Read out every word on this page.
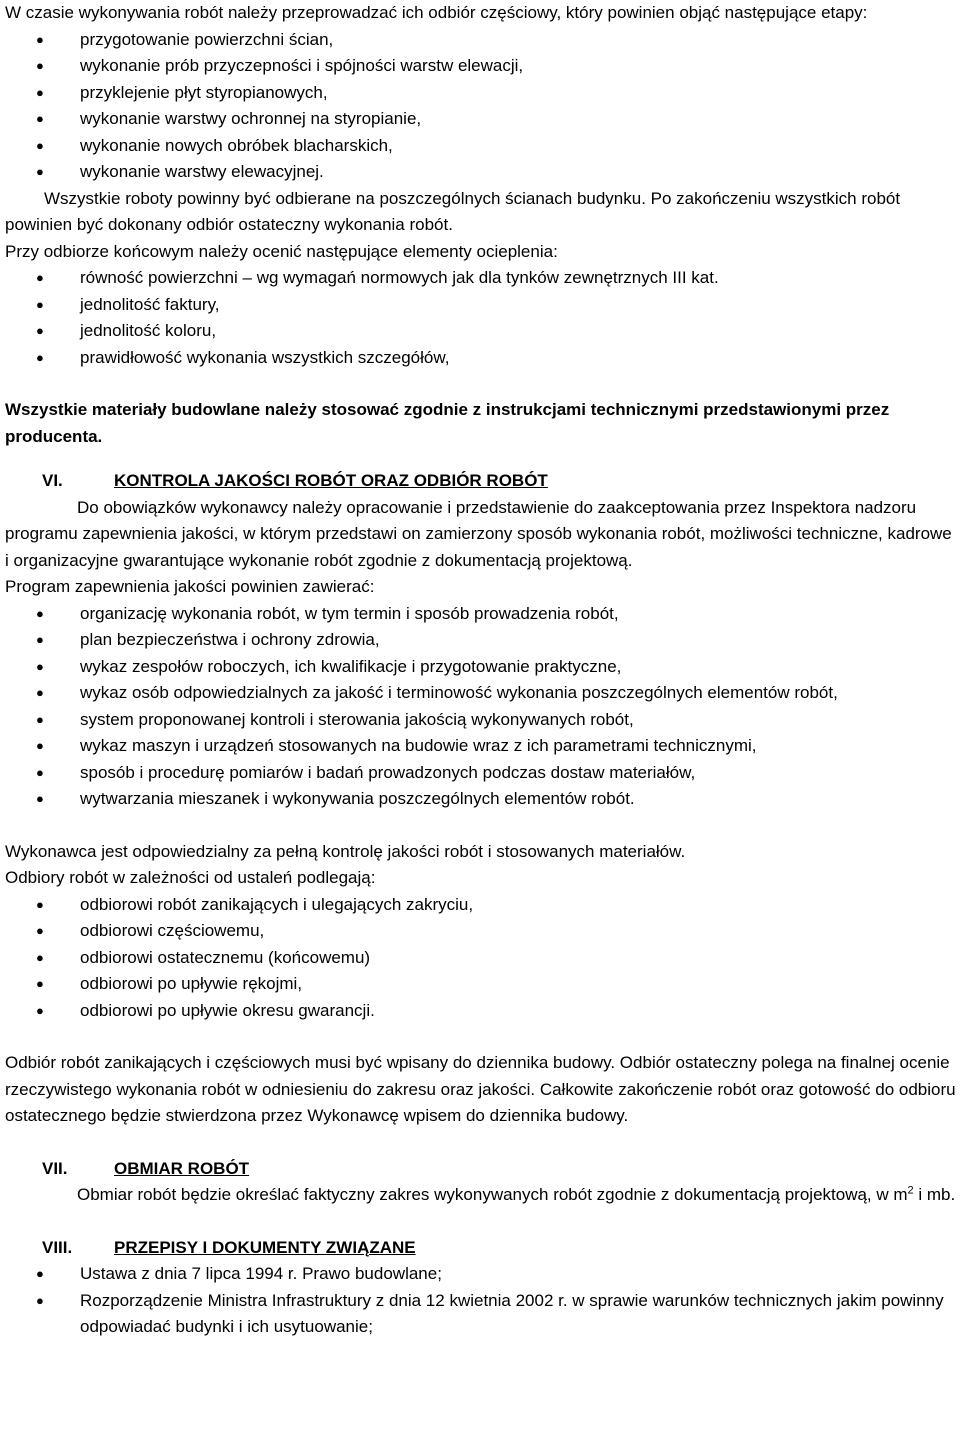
W czasie wykonywania robót należy przeprowadzać ich odbiór częściowy, który powinien objąć następujące etapy:

● przygotowanie powierzchni ścian,
● wykonanie prób przyczepności i spójności warstw elewacji,
● przyklejenie płyt styropianowych,
● wykonanie warstwy ochronnej na styropianie,
● wykonanie nowych obróbek blacharskich,
● wykonanie warstwy elewacyjnej.

Wszystkie roboty powinny być odbierane na poszczególnych ścianach budynku. Po zakończeniu wszystkich robót powinien być dokonany odbiór ostateczny wykonania robót.

Przy odbiorze końcowym należy ocenić następujące elementy ocieplenia:

● równość powierzchni – wg wymagań normowych jak dla tynków zewnętrznych III kat.
● jednolitość faktury,
● jednolitość koloru,
● prawidłowość wykonania wszystkich szczegółów,

Wszystkie materiały budowlane należy stosować zgodnie z instrukcjami technicznymi przedstawionymi przez producenta.

VI.	KONTROLA JAKOŚCI ROBÓT ORAZ ODBIÓR ROBÓT

Do obowiązków wykonawcy należy opracowanie i przedstawienie do zaakceptowania przez Inspektora nadzoru programu zapewnienia jakości, w którym przedstawi on zamierzony sposób wykonania robót, możliwości techniczne, kadrowe i organizacyjne gwarantujące wykonanie robót zgodnie z dokumentacją projektową.

Program zapewnienia jakości powinien zawierać:

● organizację wykonania robót, w tym termin i sposób prowadzenia robót,
● plan bezpieczeństwa i ochrony zdrowia,
● wykaz zespołów roboczych, ich kwalifikacje i przygotowanie praktyczne,
● wykaz osób odpowiedzialnych za jakość i terminowość wykonania poszczególnych elementów robót,
● system proponowanej kontroli i sterowania jakością wykonywanych robót,
● wykaz maszyn i urządzeń stosowanych na budowie wraz z ich parametrami technicznymi,
● sposób i procedurę pomiarów i badań prowadzonych podczas dostaw materiałów,
● wytwarzania mieszanek i wykonywania poszczególnych elementów robót.

Wykonawca jest odpowiedzialny za pełną kontrolę jakości robót i stosowanych materiałów.

Odbiory robót w zależności od ustaleń podlegają:

● odbiorowi robót zanikających i ulegających zakryciu,
● odbiorowi częściowemu,
● odbiorowi ostatecznemu (końcowemu)
● odbiorowi po upływie rękojmi,
● odbiorowi po upływie okresu gwarancji.

Odbiór robót zanikających i częściowych musi być wpisany do dziennika budowy. Odbiór ostateczny polega na finalnej ocenie rzeczywistego wykonania robót w odniesieniu do zakresu oraz jakości. Całkowite zakończenie robót oraz gotowość do odbioru ostatecznego będzie stwierdzona przez Wykonawcę wpisem do dziennika budowy.

VII.	OBMIAR ROBÓT

Obmiar robót będzie określać faktyczny zakres wykonywanych robót zgodnie z dokumentacją projektową, w $m^2$ i mb.

VIII.	PRZEPISY I DOKUMENTY ZWIĄZANE
● Ustawa z dnia 7 lipca 1994 r. Prawo budowlane;
● Rozporządzenie Ministra Infrastruktury z dnia 12 kwietnia 2002 r. w sprawie warunków technicznych jakim powinny odpowiadać budynki i ich usytuowanie;
